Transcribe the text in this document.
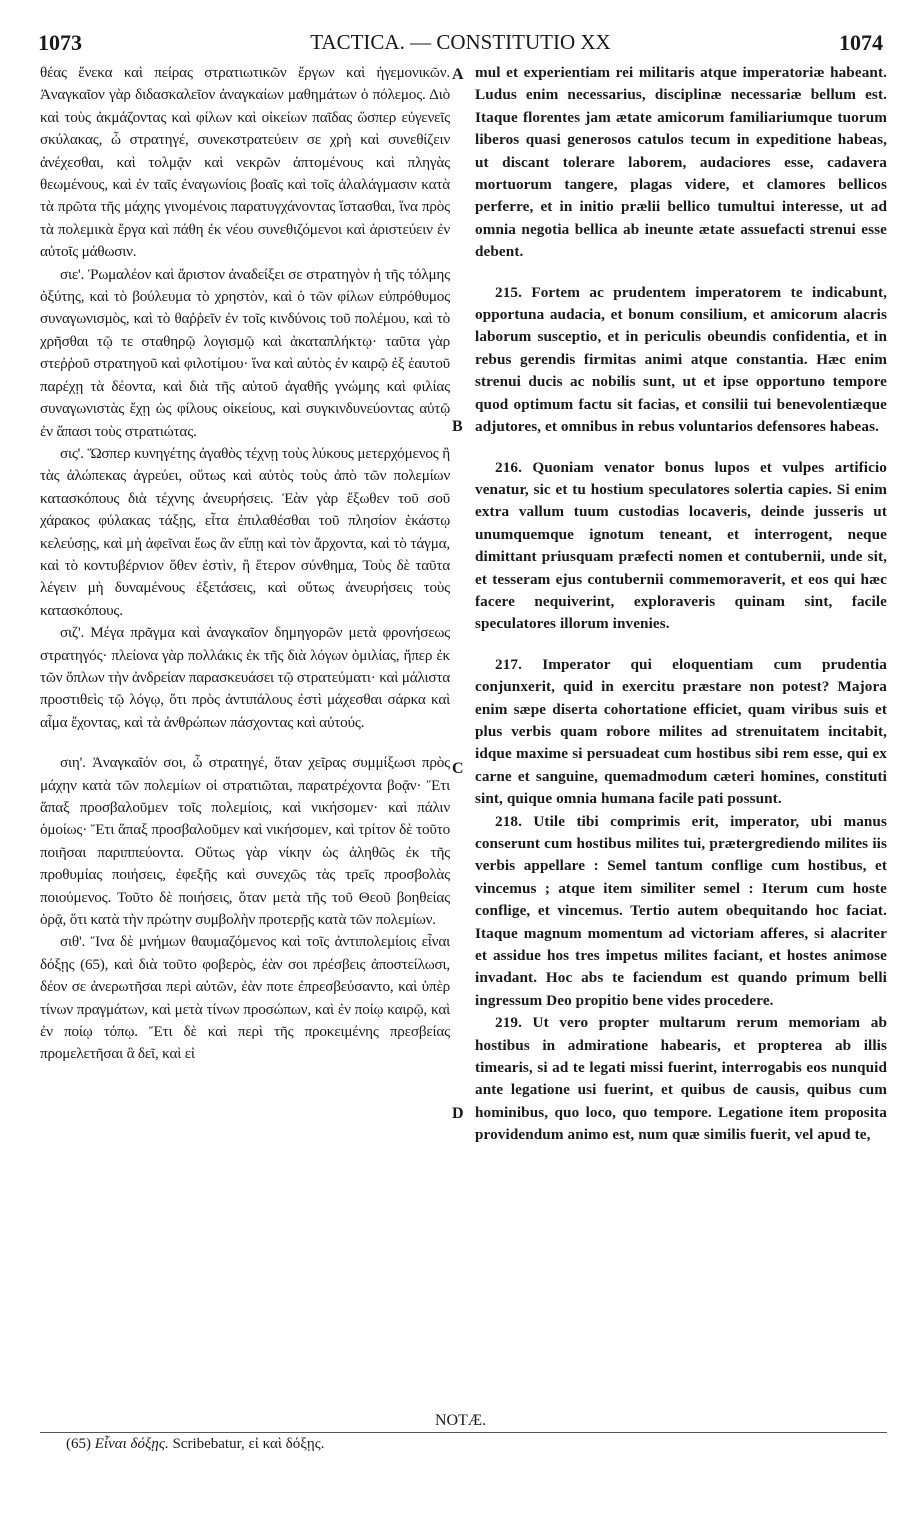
1073	TACTICA. — CONSTITUTIO XX	1074

θέας ἕνεκα καὶ πείρας στρατιωτικῶν ἔργων καὶ ἡγεμονικῶν. Ἀναγκαῖον γὰρ διδασκαλεῖον ἀναγκαίων μαθημάτων ὁ πόλεμος. Διὸ καὶ τοὺς ἀκμάζοντας καὶ φίλων καὶ οἰκείων παῖδας ὥσπερ εὐγενεῖς σκύλακας, ὦ στρατηγέ, συνεκστρατεύειν σε χρὴ καὶ συνεθίζειν ἀνέχεσθαι, καὶ τολμᾷν καὶ νεκρῶν ἁπτομένους καὶ πληγὰς θεωμένους, καὶ ἐν ταῖς ἐναγωνίοις βοαῖς καὶ τοῖς ἀλαλάγμασιν κατὰ τὰ πρῶτα τῆς μάχης γινομένοις παρατυγχάνοντας ἵστασθαι, ἵνα πρὸς τὰ πολεμικὰ ἔργα καὶ πάθη ἐκ νέου συνεθιζόμενοι καὶ ἀριστεύειν ἐν αὐτοῖς μάθωσιν.

σιε'. Ῥωμαλέον καὶ ἄριστον ἀναδείξει σε στρατηγὸν ἡ τῆς τόλμης ὀξύτης, καὶ τὸ βούλευμα τὸ χρηστὸν, καὶ ὁ τῶν φίλων εὐπρόθυμος συναγωνισμὸς, καὶ τὸ θαῤῥεῖν ἐν τοῖς κινδύνοις τοῦ πολέμου, καὶ τὸ χρῆσθαι τῷ τε σταθηρῷ λογισμῷ καὶ ἀκαταπλήκτῳ· ταῦτα γὰρ στεῤῥοῦ στρατηγοῦ καὶ φιλοτίμου· ἵνα καὶ αὐτὸς ἐν καιρῷ ἐξ ἑαυτοῦ παρέχῃ τὰ δέοντα, καὶ διὰ τῆς αὐτοῦ ἀγαθῆς γνώμης καὶ φιλίας συναγωνιστὰς ἔχῃ ὡς φίλους οἰκείους, καὶ συγκινδυνεύοντας αὐτῷ ἐν ἅπασι τοὺς στρατιώτας.

σις'. Ὥσπερ κυνηγέτης ἀγαθὸς τέχνῃ τοὺς λύκους μετερχόμενος ἢ τὰς ἀλώπεκας ἀγρεύει, οὕτως καὶ αὐτὸς τοὺς ἀπὸ τῶν πολεμίων κατασκόπους διὰ τέχνης ἀνευρήσεις. Ἐὰν γὰρ ἔξωθεν τοῦ σοῦ χάρακος φύλακας τάξῃς, εἶτα ἐπιλαθέσθαι τοῦ πλησίον ἑκάστῳ κελεύσῃς, καὶ μὴ ἀφεῖναι ἕως ἂν εἴπῃ καὶ τὸν ἄρχοντα, καὶ τὸ τάγμα, καὶ τὸ κοντυβέρνιον ὅθεν ἐστὶν, ἢ ἕτερον σύνθημα, Τοὺς δὲ ταῦτα λέγειν μὴ δυναμένους ἐξετάσεις, καὶ οὕτως ἀνευρήσεις τοὺς κατασκόπους.

σιζ'. Μέγα πρᾶγμα καὶ ἀναγκαῖον δημηγορῶν μετὰ φρονήσεως στρατηγός· πλείονα γὰρ πολλάκις ἐκ τῆς διὰ λόγων ὁμιλίας, ἤπερ ἐκ τῶν ὅπλων τὴν ἀνδρείαν παρασκευάσει τῷ στρατεύματι· καὶ μάλιστα προστιθεὶς τῷ λόγῳ, ὅτι πρὸς ἀντιπάλους ἐστὶ μάχεσθαι σάρκα καὶ αἷμα ἔχοντας, καὶ τὰ ἀνθρώπων πάσχοντας καὶ αὐτούς.

σιη'. Ἀναγκαῖόν σοι, ὦ στρατηγέ, ὅταν χεῖρας συμμίξωσι πρὸς μάχην κατὰ τῶν πολεμίων οἱ στρατιῶται, παρατρέχοντα βοᾷν· Ἔτι ἅπαξ προσβαλοῦμεν τοῖς πολεμίοις, καὶ νικήσομεν· καὶ πάλιν ὁμοίως· Ἔτι ἅπαξ προσβαλοῦμεν καὶ νικήσομεν, καὶ τρίτον δὲ τοῦτο ποιῆσαι παριππεύοντα. Οὕτως γὰρ νίκην ὡς ἀληθῶς ἐκ τῆς προθυμίας ποιήσεις, ἐφεξῆς καὶ συνεχῶς τὰς τρεῖς προσβολὰς ποιούμενος. Τοῦτο δὲ ποιήσεις, ὅταν μετὰ τῆς τοῦ Θεοῦ βοηθείας ὁρᾷ, ὅτι κατὰ τὴν πρώτην συμβολὴν προτερῇς κατὰ τῶν πολεμίων.

σιθ'. Ἵνα δὲ μνήμων θαυμαζόμενος καὶ τοῖς ἀντιπολεμίοις εἶναι δόξῃς (65), καὶ διὰ τοῦτο φοβερὸς, ἐὰν σοι πρέσβεις ἀποστείλωσι, δέον σε ἀνερωτῆσαι περὶ αὐτῶν, ἐὰν ποτε ἐπρεσβεύσαντο, καὶ ὑπὲρ τίνων πραγμάτων, καὶ μετὰ τίνων προσώπων, καὶ ἐν ποίῳ καιρῷ, καὶ ἐν ποίῳ τόπῳ. Ἔτι δὲ καὶ περὶ τῆς προκειμένης πρεσβείας προμελετῆσαι ἃ δεῖ, καὶ εἰ

A
B
C
D

mul et experientiam rei militaris atque imperatoriæ habeant. Ludus enim necessarius, disciplinæ necessariæ bellum est. Itaque florentes jam ætate amicorum familiariumque tuorum liberos quasi generosos catulos tecum in expeditione habeas, ut discant tolerare laborem, audaciores esse, cadavera mortuorum tangere, plagas videre, et clamores bellicos perferre, et in initio prælii bellico tumultui interesse, ut ad omnia negotia bellica ab ineunte ætate assuefacti strenui esse debent.

215. Fortem ac prudentem imperatorem te indicabunt, opportuna audacia, et bonum consilium, et amicorum alacris laborum susceptio, et in periculis obeundis confidentia, et in rebus gerendis firmitas animi atque constantia. Hæc enim strenui ducis ac nobilis sunt, ut et ipse opportuno tempore quod optimum factu sit facias, et consilii tui benevolentiæque adjutores, et omnibus in rebus voluntarios defensores habeas.

216. Quoniam venator bonus lupos et vulpes artificio venatur, sic et tu hostium speculatores solertia capies. Si enim extra vallum tuum custodias locaveris, deinde jusseris ut unumquemque ignotum teneant, et interrogent, neque dimittant priusquam præfecti nomen et contubernii, unde sit, et tesseram ejus contubernii commemoraverit, et eos qui hæc facere nequiverint, exploraveris quinam sint, facile speculatores illorum invenies.

217. Imperator qui eloquentiam cum prudentia conjunxerit, quid in exercitu præstare non potest? Majora enim sæpe diserta cohortatione efficiet, quam viribus suis et plus verbis quam robore milites ad strenuitatem incitabit, idque maxime si persuadeat cum hostibus sibi rem esse, qui ex carne et sanguine, quemadmodum cæteri homines, constituti sint, quique omnia humana facile pati possunt.

218. Utile tibi comprimis erit, imperator, ubi manus conserunt cum hostibus milites tui, prætergrediendo milites iis verbis appellare : Semel tantum confligе cum hostibus, et vincemus ; atque item similiter semel : Iterum cum hoste conflige, et vincemus. Tertio autem obequitando hoc faciat. Itaque magnum momentum ad victoriam afferes, si alacriter et assidue hos tres impetus milites faciant, et hostes animose invadant. Hoc abs te faciendum est quando primum belli ingressum Deo propitio bene vides procedere.

219. Ut vero propter multarum rerum memoriam ab hostibus in admiratione habearis, et propterea ab illis timearis, si ad te legati missi fuerint, interrogabis eos nunquid ante legatione usi fuerint, et quibus de causis, quibus cum hominibus, quo loco, quo tempore. Legatione item proposita providendum animo est, num quæ similis fuerit, vel apud te,

NOTÆ.
(65) Εἶναι δόξῃς. Scribebatur, εἰ καὶ δόξῃς.
